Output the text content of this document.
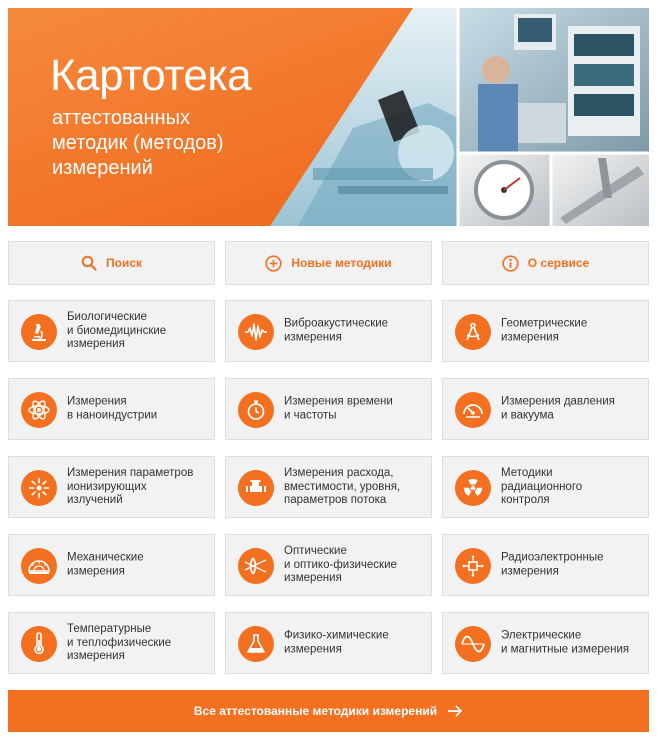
Картотека
аттестованных
методик (методов)
измерений
Поиск	Новые методики	О сервисе
Биологические
и биомедицинские
измерения
Виброакустические
измерения
Геометрические
измерения
Измерения
в наноиндустрии
Измерения времени
и частоты
Измерения давления
и вакуума
Измерения параметров
ионизирующих
излучений
Измерения расхода,
вместимости, уровня,
параметров потока
Методики
радиационного
контроля
Механические
измерения
Оптические
и оптико-физические
измерения
Радиоэлектронные
измерения
Температурные
и теплофизические
измерения
Физико-химические
измерения
Электрические
и магнитные измерения
Все аттестованные методики измерений
